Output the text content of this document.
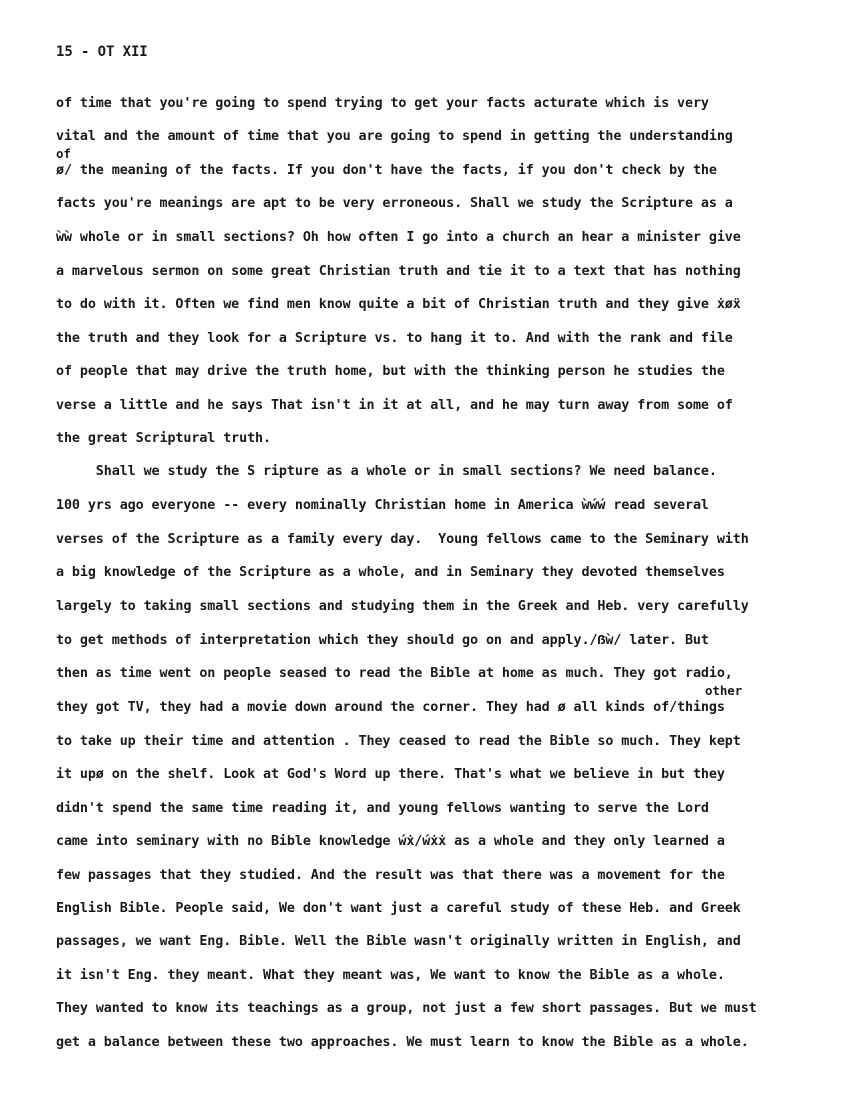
15 - OT XII
of time that you're going to spend trying to get your facts acturate which is very
vital and the amount of time that you are going to spend in getting the understanding
of
ø/ the meaning of the facts. If you don't have the facts, if you don't check by the
facts you're meanings are apt to be very erroneous. Shall we study the Scripture as a
ẁẁ whole or in small sections? Oh how often I go into a church an hear a minister give
a marvelous sermon on some great Christian truth and tie it to a text that has nothing
to do with it. Often we find men know quite a bit of Christian truth and they give ẋøẍ
the truth and they look for a Scripture vs. to hang it to. And with the rank and file
of people that may drive the truth home, but with the thinking person he studies the
verse a little and he says That isn't in it at all, and he may turn away from some of
the great Scriptural truth.
Shall we study the S ripture as a whole or in small sections? We need balance.
100 yrs ago everyone -- every nominally Christian home in America ẁẃẃ read several
verses of the Scripture as a family every day.  Young fellows came to the Seminary with
a big knowledge of the Scripture as a whole, and in Seminary they devoted themselves
largely to taking small sections and studying them in the Greek and Heb. very carefully
to get methods of interpretation which they should go on and apply./ẞẁ/ later. But
then as time went on people seased to read the Bible at home as much. They got radio,
other
they got TV, they had a movie down around the corner. They had ø all kinds of/things
to take up their time and attention . They ceased to read the Bible so much. They kept
it upø on the shelf. Look at God's Word up there. That's what we believe in but they
didn't spend the same time reading it, and young fellows wanting to serve the Lord
came into seminary with no Bible knowledge ẃẋ/ẃẋẋ as a whole and they only learned a
few passages that they studied. And the result was that there was a movement for the
English Bible. People said, We don't want just a careful study of these Heb. and Greek
passages, we want Eng. Bible. Well the Bible wasn't originally written in English, and
it isn't Eng. they meant. What they meant was, We want to know the Bible as a whole.
They wanted to know its teachings as a group, not just a few short passages. But we must
get a balance between these two approaches. We must learn to know the Bible as a whole.
